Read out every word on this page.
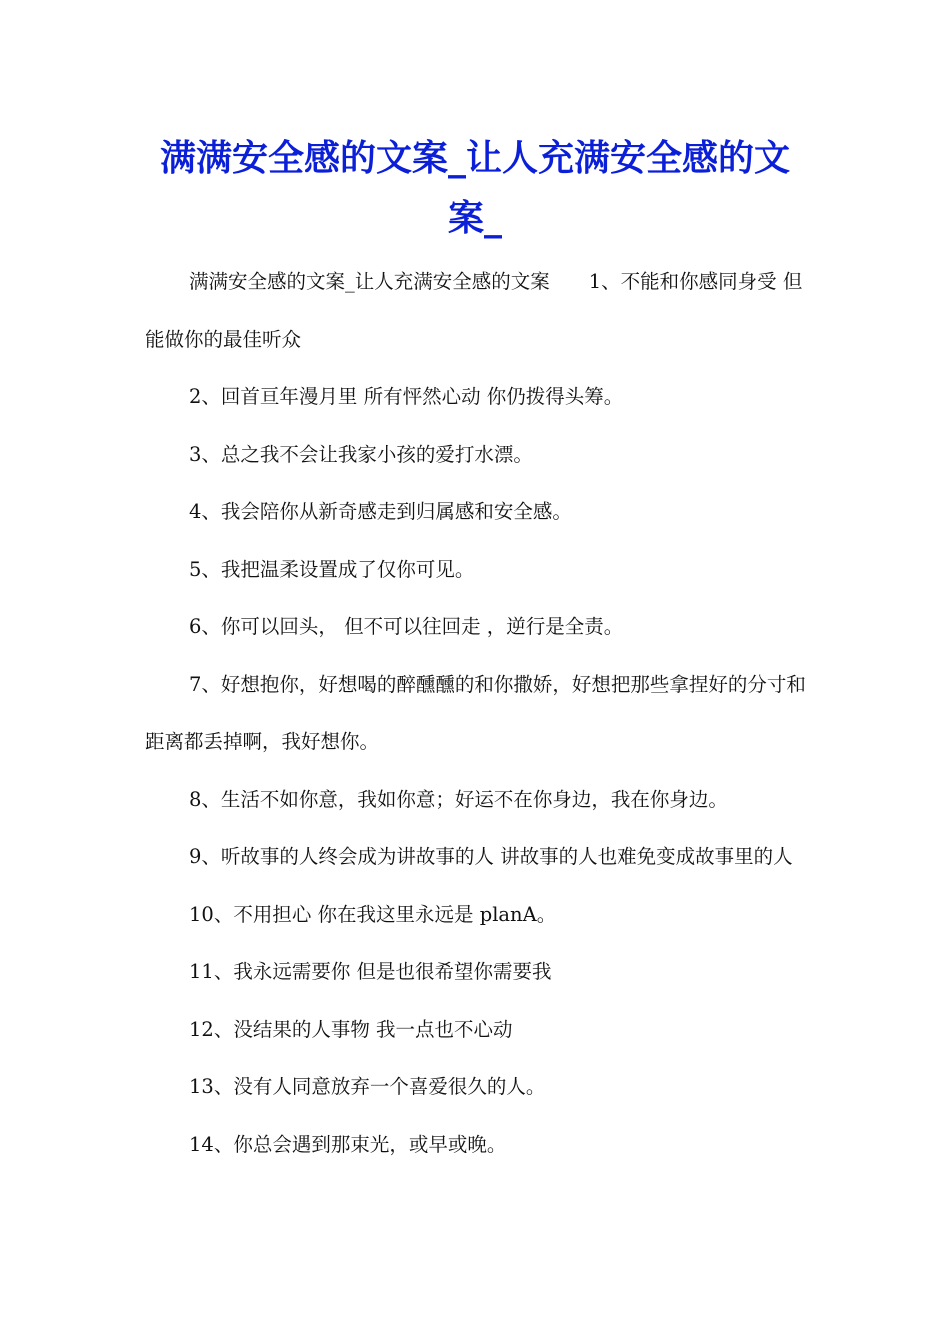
满满安全感的文案_让人充满安全感的文案_

满满安全感的文案_让人充满安全感的文案　　1、不能和你感同身受 但能做你的最佳听众

2、回首亘年漫月里 所有怦然心动 你仍拨得头筹。

3、总之我不会让我家小孩的爱打水漂。

4、我会陪你从新奇感走到归属感和安全感。

5、我把温柔设置成了仅你可见。

6、你可以回头， 但不可以往回走 ，逆行是全责。

7、好想抱你，好想喝的醉醺醺的和你撒娇，好想把那些拿捏好的分寸和距离都丢掉啊，我好想你。

8、生活不如你意，我如你意；好运不在你身边，我在你身边。

9、听故事的人终会成为讲故事的人 讲故事的人也难免变成故事里的人

10、不用担心 你在我这里永远是 planA。

11、我永远需要你 但是也很希望你需要我

12、没结果的人事物 我一点也不心动

13、没有人同意放弃一个喜爱很久的人。

14、你总会遇到那束光，或早或晚。
